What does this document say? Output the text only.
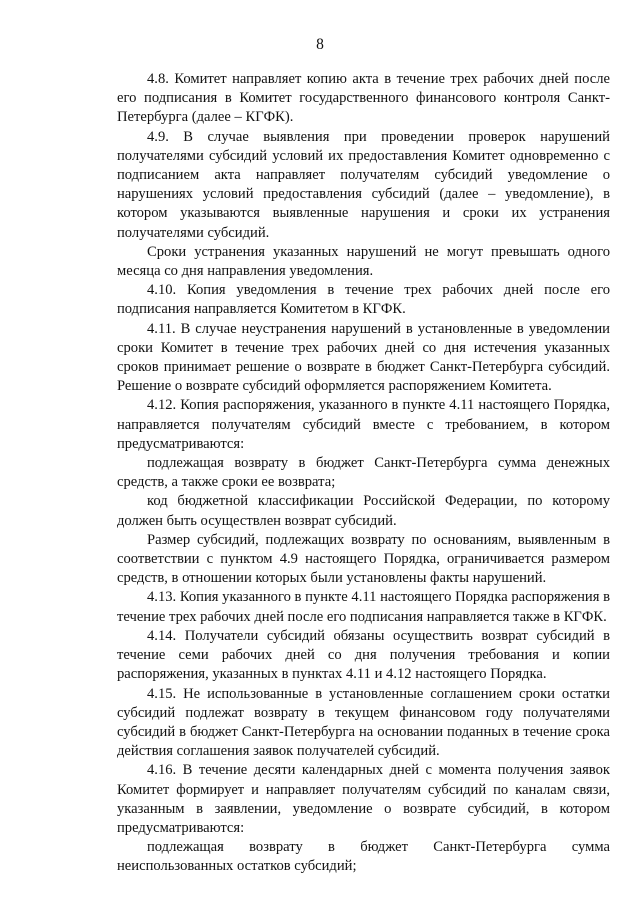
8

4.8. Комитет направляет копию акта в течение трех рабочих дней после его подписания в Комитет государственного финансового контроля Санкт-Петербурга (далее – КГФК).

4.9. В случае выявления при проведении проверок нарушений получателями субсидий условий их предоставления Комитет одновременно с подписанием акта направляет получателям субсидий уведомление о нарушениях условий предоставления субсидий (далее – уведомление), в котором указываются выявленные нарушения и сроки их устранения получателями субсидий.

Сроки устранения указанных нарушений не могут превышать одного месяца со дня направления уведомления.

4.10. Копия уведомления в течение трех рабочих дней после его подписания направляется Комитетом в КГФК.

4.11. В случае неустранения нарушений в установленные в уведомлении сроки Комитет в течение трех рабочих дней со дня истечения указанных сроков принимает решение о возврате в бюджет Санкт-Петербурга субсидий. Решение о возврате субсидий оформляется распоряжением Комитета.

4.12. Копия распоряжения, указанного в пункте 4.11 настоящего Порядка, направляется получателям субсидий вместе с требованием, в котором предусматриваются:

подлежащая возврату в бюджет Санкт-Петербурга сумма денежных средств, а также сроки ее возврата;

код бюджетной классификации Российской Федерации, по которому должен быть осуществлен возврат субсидий.

Размер субсидий, подлежащих возврату по основаниям, выявленным в соответствии с пунктом 4.9 настоящего Порядка, ограничивается размером средств, в отношении которых были установлены факты нарушений.

4.13. Копия указанного в пункте 4.11 настоящего Порядка распоряжения в течение трех рабочих дней после его подписания направляется также в КГФК.

4.14. Получатели субсидий обязаны осуществить возврат субсидий в течение семи рабочих дней со дня получения требования и копии распоряжения, указанных в пунктах 4.11 и 4.12 настоящего Порядка.

4.15. Не использованные в установленные соглашением сроки остатки субсидий подлежат возврату в текущем финансовом году получателями субсидий в бюджет Санкт-Петербурга на основании поданных в течение срока действия соглашения заявок получателей субсидий.

4.16. В течение десяти календарных дней с момента получения заявок Комитет формирует и направляет получателям субсидий по каналам связи, указанным в заявлении, уведомление о возврате субсидий, в котором предусматриваются:

подлежащая возврату в бюджет Санкт-Петербурга сумма неиспользованных остатков субсидий;
